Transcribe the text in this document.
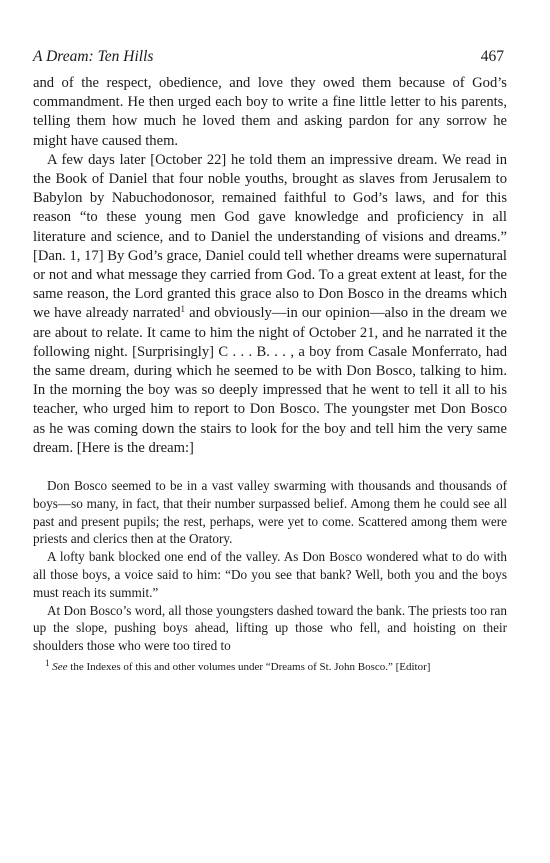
A Dream: Ten Hills	467

and of the respect, obedience, and love they owed them because of God’s commandment. He then urged each boy to write a fine little letter to his parents, telling them how much he loved them and asking pardon for any sorrow he might have caused them.

A few days later [October 22] he told them an impressive dream. We read in the Book of Daniel that four noble youths, brought as slaves from Jerusalem to Babylon by Nabuchodonosor, remained faithful to God’s laws, and for this reason “to these young men God gave knowledge and proficiency in all literature and science, and to Daniel the understanding of visions and dreams.” [Dan. 1, 17] By God’s grace, Daniel could tell whether dreams were supernatural or not and what message they carried from God. To a great extent at least, for the same reason, the Lord granted this grace also to Don Bosco in the dreams which we have already narrated$^1$ and obviously—in our opinion—also in the dream we are about to relate. It came to him the night of October 21, and he narrated it the following night. [Surprisingly] C . . . B. . . , a boy from Casale Monferrato, had the same dream, during which he seemed to be with Don Bosco, talking to him. In the morning the boy was so deeply impressed that he went to tell it all to his teacher, who urged him to report to Don Bosco. The youngster met Don Bosco as he was coming down the stairs to look for the boy and tell him the very same dream. [Here is the dream:]

Don Bosco seemed to be in a vast valley swarming with thousands and thousands of boys—so many, in fact, that their number surpassed belief. Among them he could see all past and present pupils; the rest, perhaps, were yet to come. Scattered among them were priests and clerics then at the Oratory.

A lofty bank blocked one end of the valley. As Don Bosco wondered what to do with all those boys, a voice said to him: “Do you see that bank? Well, both you and the boys must reach its summit.”

At Don Bosco’s word, all those youngsters dashed toward the bank. The priests too ran up the slope, pushing boys ahead, lifting up those who fell, and hoisting on their shoulders those who were too tired to

$^1$ See the Indexes of this and other volumes under “Dreams of St. John Bosco.” [Editor]
